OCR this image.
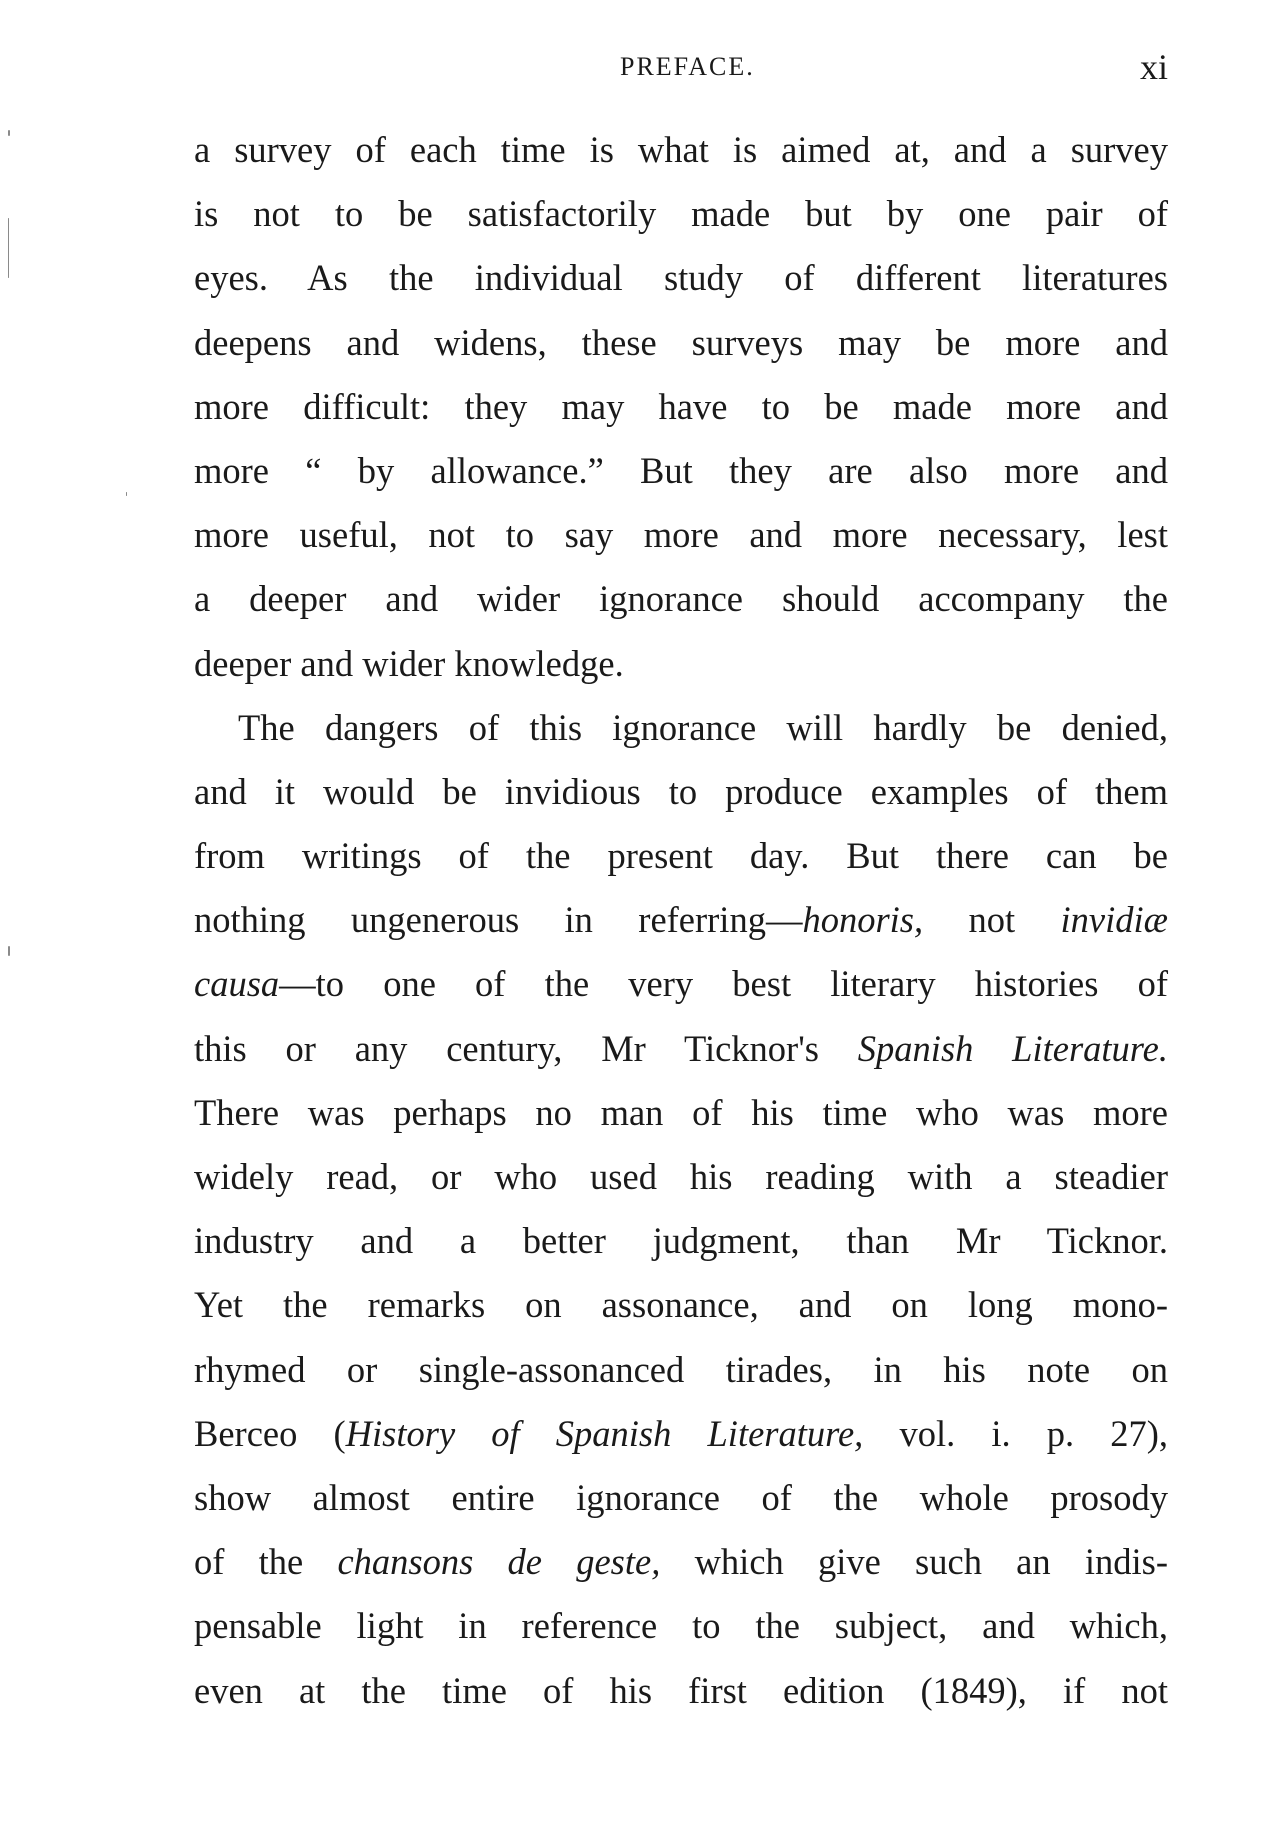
PREFACE.	xi
a survey of each time is what is aimed at, and a survey
is not to be satisfactorily made but by one pair of
eyes. As the individual study of different literatures
deepens and widens, these surveys may be more and
more difficult: they may have to be made more and
more “ by allowance.” But they are also more and
more useful, not to say more and more necessary, lest
a deeper and wider ignorance should accompany the
deeper and wider knowledge.
The dangers of this ignorance will hardly be denied,
and it would be invidious to produce examples of them
from writings of the present day. But there can be
nothing ungenerous in referring—honoris, not invidiæ
causa—to one of the very best literary histories of
this or any century, Mr Ticknor's Spanish Literature.
There was perhaps no man of his time who was more
widely read, or who used his reading with a steadier
industry and a better judgment, than Mr Ticknor.
Yet the remarks on assonance, and on long mono-
rhymed or single-assonanced tirades, in his note on
Berceo (History of Spanish Literature, vol. i. p. 27),
show almost entire ignorance of the whole prosody
of the chansons de geste, which give such an indis-
pensable light in reference to the subject, and which,
even at the time of his first edition (1849), if not
